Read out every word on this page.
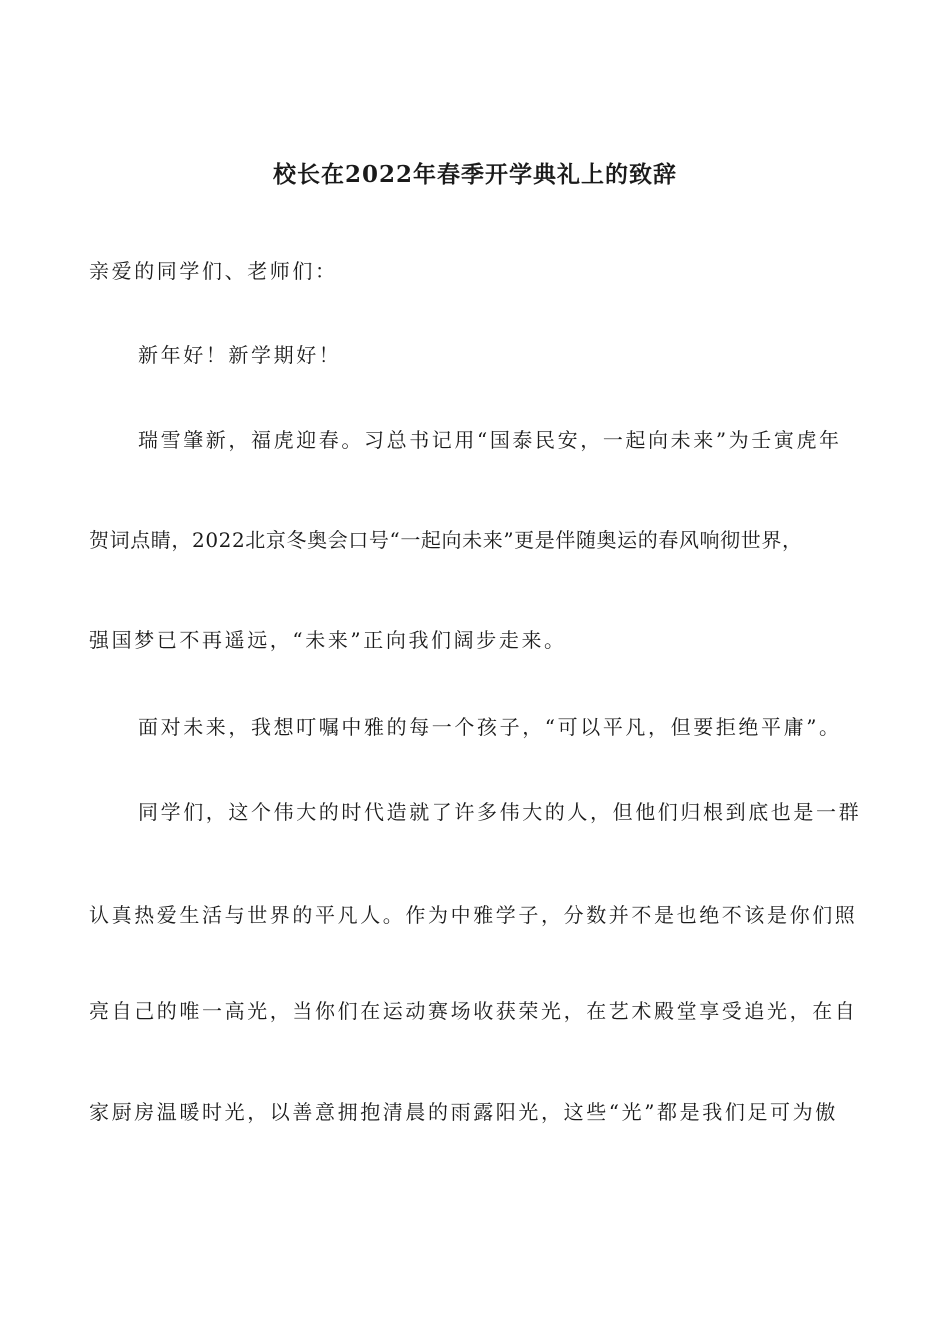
校长在2022年春季开学典礼上的致辞
亲爱的同学们、老师们：
新年好！新学期好！
瑞雪肇新，福虎迎春。习总书记用“国泰民安，一起向未来”为壬寅虎年
贺词点睛，2022北京冬奥会口号“一起向未来”更是伴随奥运的春风响彻世界，
强国梦已不再遥远，“未来”正向我们阔步走来。
面对未来，我想叮嘱中雅的每一个孩子，“可以平凡，但要拒绝平庸”。
同学们，这个伟大的时代造就了许多伟大的人，但他们归根到底也是一群
认真热爱生活与世界的平凡人。作为中雅学子，分数并不是也绝不该是你们照
亮自己的唯一高光，当你们在运动赛场收获荣光，在艺术殿堂享受追光，在自
家厨房温暖时光，以善意拥抱清晨的雨露阳光，这些“光”都是我们足可为傲
